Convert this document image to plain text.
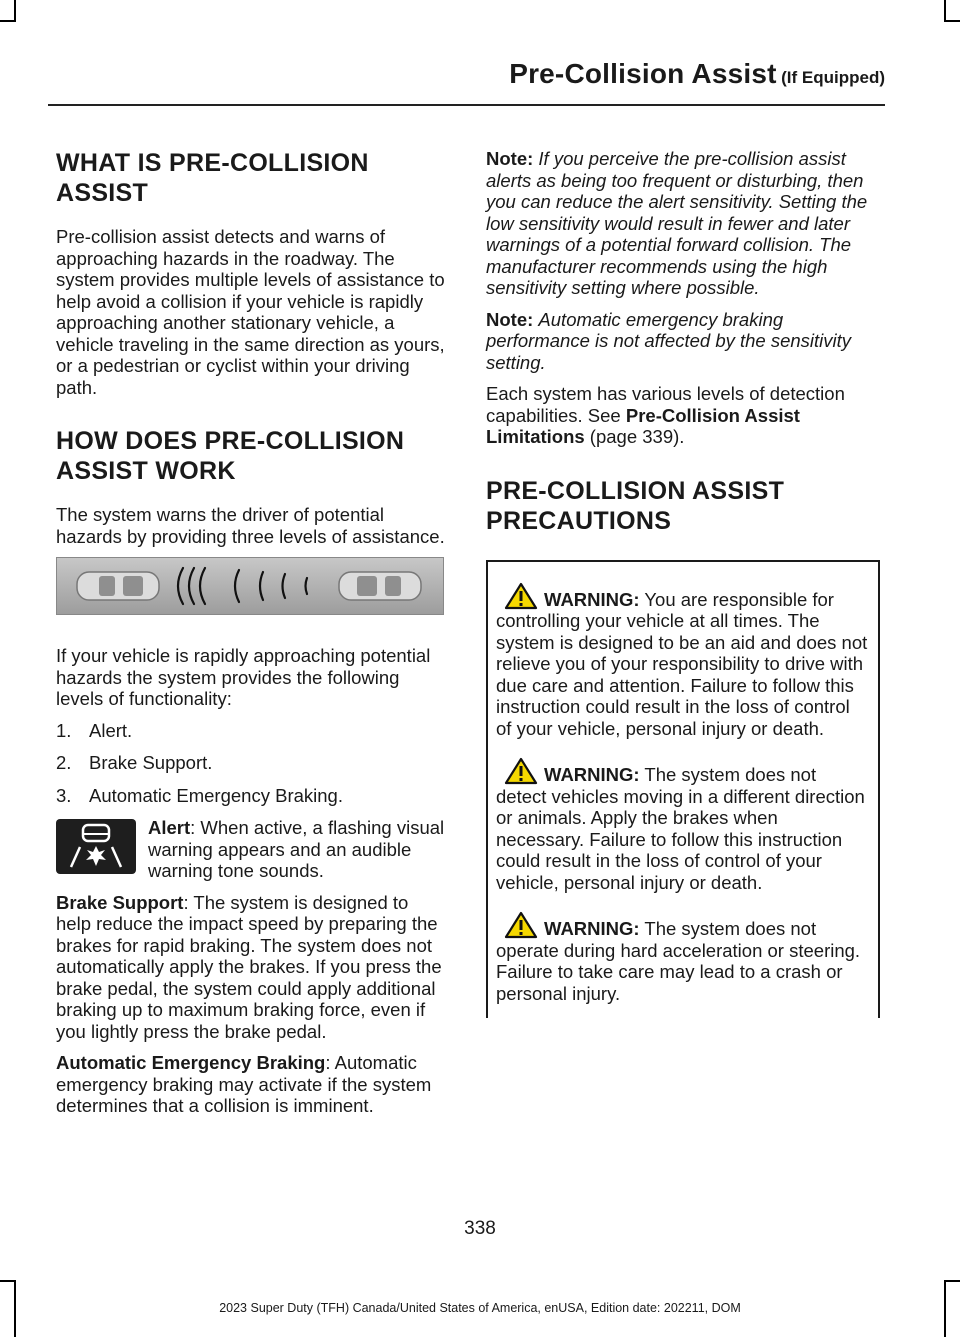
Pre-Collision Assist (If Equipped)
WHAT IS PRE-COLLISION
ASSIST

Pre-collision assist detects and warns of approaching hazards in the roadway. The system provides multiple levels of assistance to help avoid a collision if your vehicle is rapidly approaching another stationary vehicle, a vehicle traveling in the same direction as yours, or a pedestrian or cyclist within your driving path.

HOW DOES PRE-COLLISION
ASSIST WORK

The system warns the driver of potential hazards by providing three levels of assistance.

If your vehicle is rapidly approaching potential hazards the system provides the following levels of functionality:

1. Alert.
2. Brake Support.
3. Automatic Emergency Braking.

Alert: When active, a flashing visual warning appears and an audible warning tone sounds.

Brake Support: The system is designed to help reduce the impact speed by preparing the brakes for rapid braking. The system does not automatically apply the brakes. If you press the brake pedal, the system could apply additional braking up to maximum braking force, even if you lightly press the brake pedal.

Automatic Emergency Braking: Automatic emergency braking may activate if the system determines that a collision is imminent.

Note: If you perceive the pre-collision assist alerts as being too frequent or disturbing, then you can reduce the alert sensitivity. Setting the low sensitivity would result in fewer and later warnings of a potential forward collision. The manufacturer recommends using the high sensitivity setting where possible.

Note: Automatic emergency braking performance is not affected by the sensitivity setting.

Each system has various levels of detection capabilities. See Pre-Collision Assist Limitations (page 339).

PRE-COLLISION ASSIST
PRECAUTIONS

WARNING: You are responsible for controlling your vehicle at all times. The system is designed to be an aid and does not relieve you of your responsibility to drive with due care and attention. Failure to follow this instruction could result in the loss of control of your vehicle, personal injury or death.

WARNING: The system does not detect vehicles moving in a different direction or animals. Apply the brakes when necessary. Failure to follow this instruction could result in the loss of control of your vehicle, personal injury or death.

WARNING: The system does not operate during hard acceleration or steering. Failure to take care may lead to a crash or personal injury.

338
2023 Super Duty (TFH) Canada/United States of America, enUSA, Edition date: 202211, DOM
